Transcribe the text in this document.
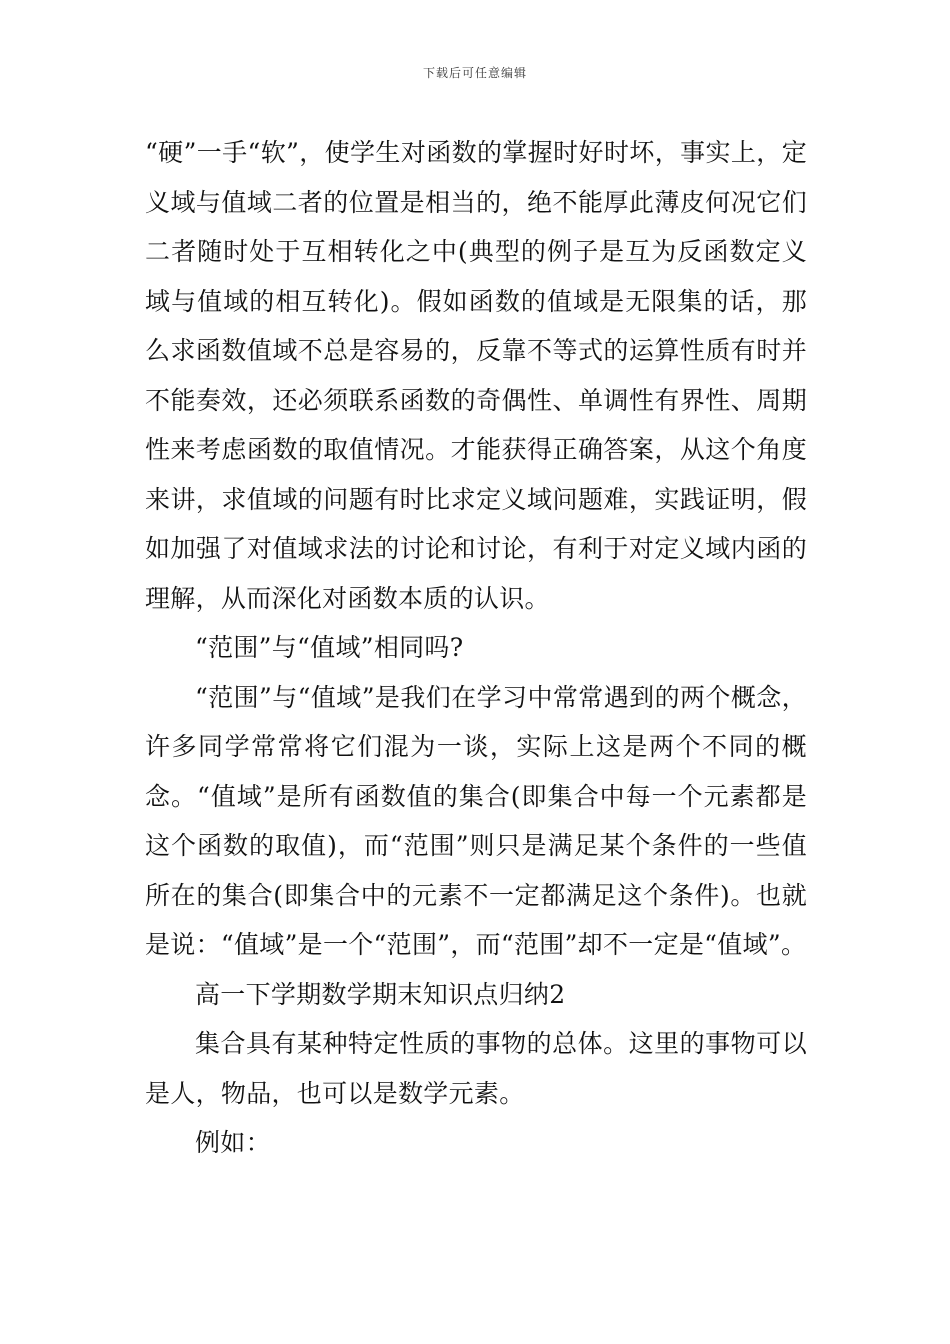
下载后可任意编辑

“硬”一手“软”，使学生对函数的掌握时好时坏，事实上，定义域与值域二者的位置是相当的，绝不能厚此薄皮何况它们二者随时处于互相转化之中(典型的例子是互为反函数定义域与值域的相互转化)。假如函数的值域是无限集的话，那么求函数值域不总是容易的，反靠不等式的运算性质有时并不能奏效，还必须联系函数的奇偶性、单调性有界性、周期性来考虑函数的取值情况。才能获得正确答案，从这个角度来讲，求值域的问题有时比求定义域问题难，实践证明，假如加强了对值域求法的讨论和讨论，有利于对定义域内函的理解，从而深化对函数本质的认识。

“范围”与“值域”相同吗?

“范围”与“值域”是我们在学习中常常遇到的两个概念，许多同学常常将它们混为一谈，实际上这是两个不同的概念。“值域”是所有函数值的集合(即集合中每一个元素都是这个函数的取值)，而“范围”则只是满足某个条件的一些值所在的集合(即集合中的元素不一定都满足这个条件)。也就是说：“值域”是一个“范围”，而“范围”却不一定是“值域”。

高一下学期数学期末知识点归纳2

集合具有某种特定性质的事物的总体。这里的事物可以是人，物品，也可以是数学元素。

例如：
